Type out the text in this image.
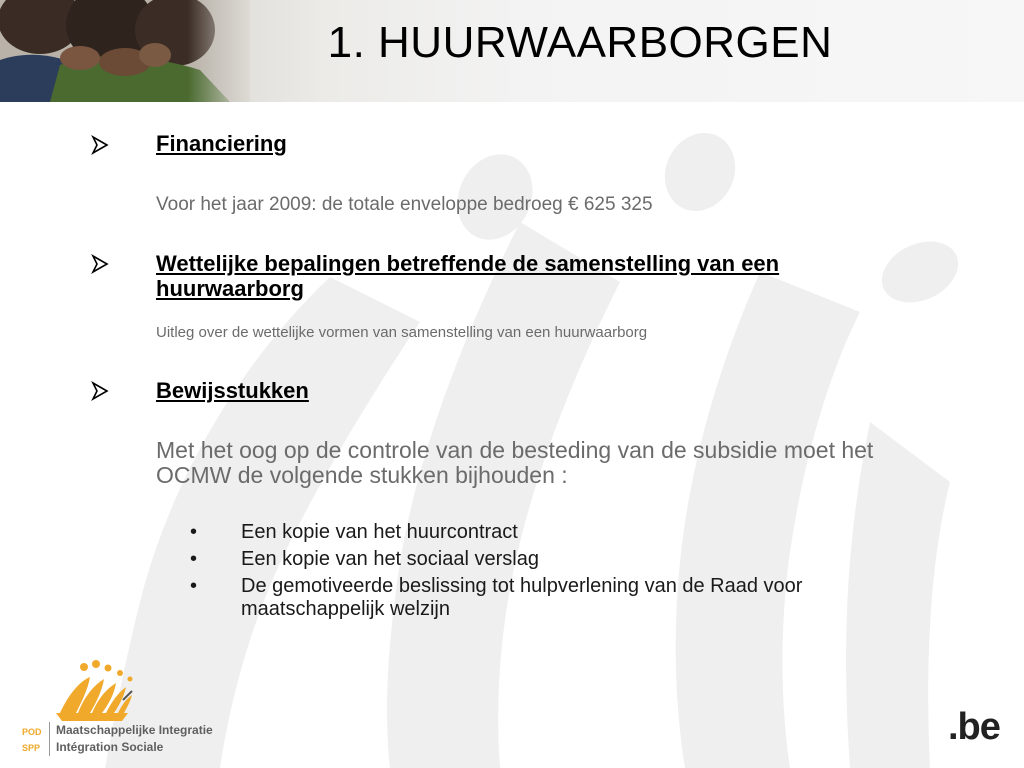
1. HUURWAARBORGEN
Financiering
Voor het jaar 2009: de totale enveloppe bedroeg € 625 325
Wettelijke bepalingen betreffende de samenstelling van een huurwaarborg
Uitleg over de wettelijke vormen van samenstelling van een huurwaarborg
Bewijsstukken
Met het oog op de controle van de besteding van de subsidie moet het OCMW de volgende stukken bijhouden :
• Een kopie van het huurcontract
• Een kopie van het sociaal verslag
• De gemotiveerde beslissing tot hulpverlening van de Raad voor maatschappelijk welzijn
POD
SPP
Maatschappelijke Integratie
Intégration Sociale	.be
